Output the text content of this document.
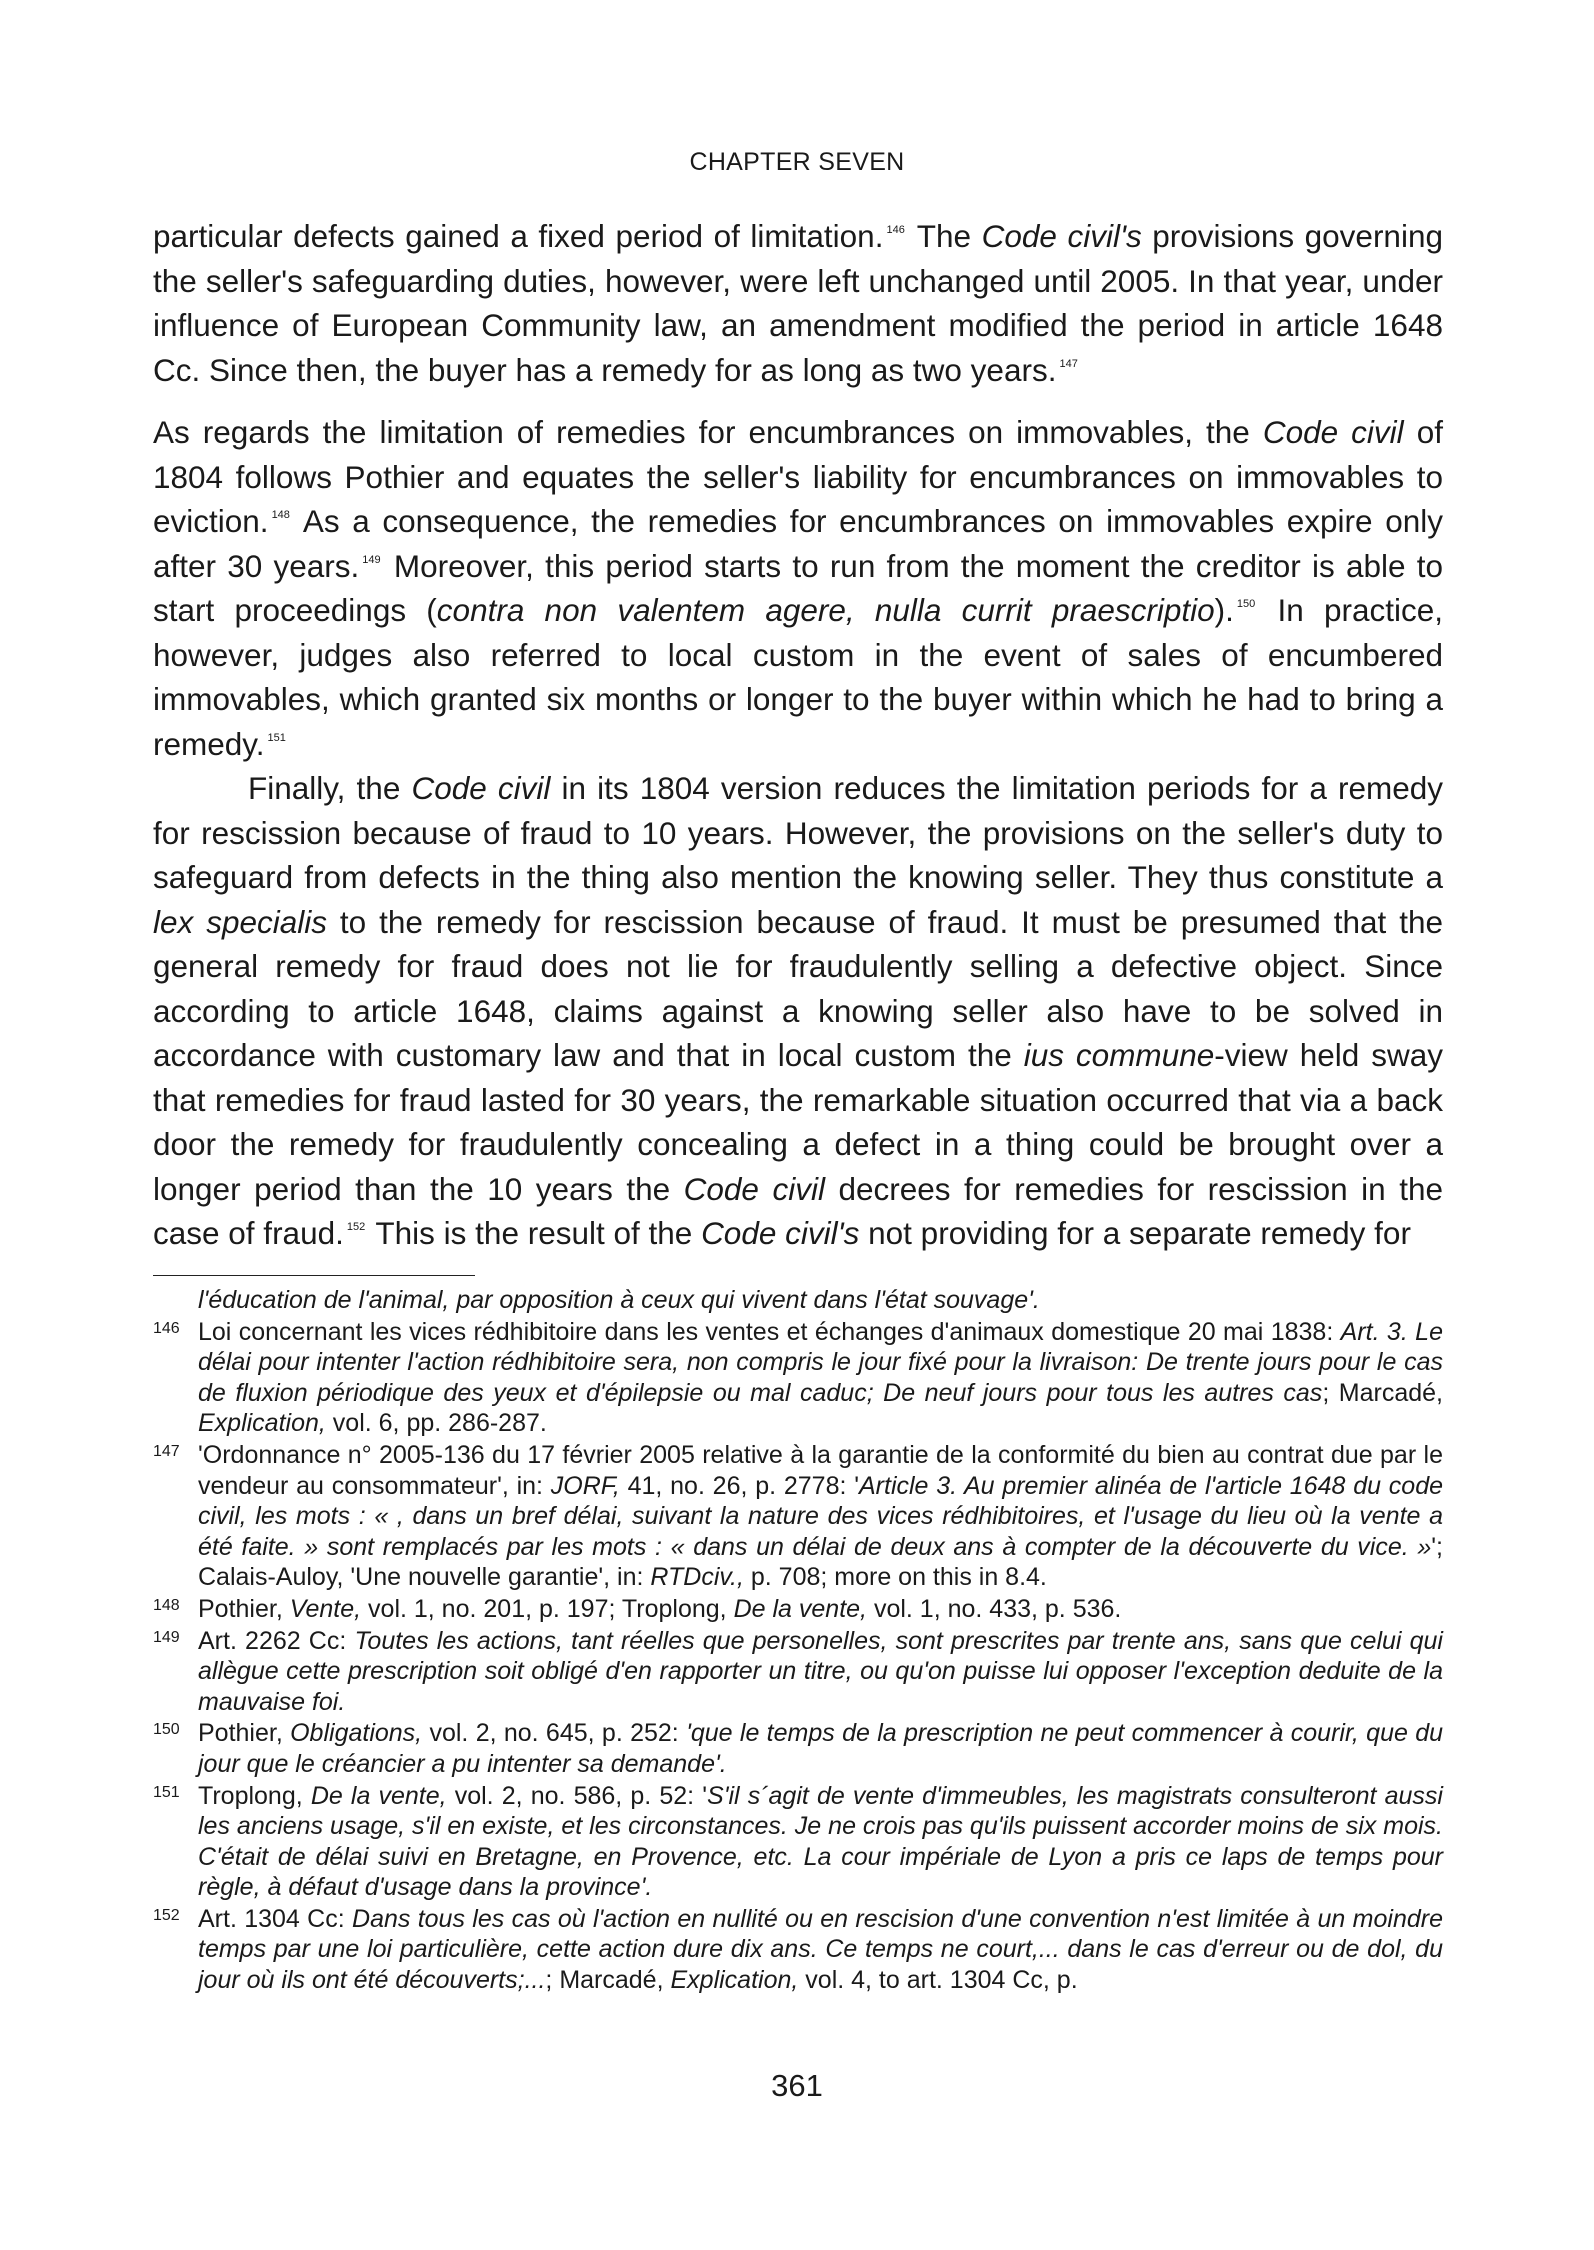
CHAPTER SEVEN

particular defects gained a fixed period of limitation. $^{146}$ The Code civil's provisions governing the seller's safeguarding duties, however, were left unchanged until 2005. In that year, under influence of European Community law, an amendment modified the period in article 1648 Cc. Since then, the buyer has a remedy for as long as two years. $^{147}$

As regards the limitation of remedies for encumbrances on immovables, the Code civil of 1804 follows Pothier and equates the seller's liability for encumbrances on immovables to eviction. $^{148}$ As a consequence, the remedies for encumbrances on immovables expire only after 30 years. $^{149}$ Moreover, this period starts to run from the moment the creditor is able to start proceedings (contra non valentem agere, nulla currit praescriptio). $^{150}$ In practice, however, judges also referred to local custom in the event of sales of encumbered immovables, which granted six months or longer to the buyer within which he had to bring a remedy. $^{151}$

Finally, the Code civil in its 1804 version reduces the limitation periods for a remedy for rescission because of fraud to 10 years. However, the provisions on the seller's duty to safeguard from defects in the thing also mention the knowing seller. They thus constitute a lex specialis to the remedy for rescission because of fraud. It must be presumed that the general remedy for fraud does not lie for fraudulently selling a defective object. Since according to article 1648, claims against a knowing seller also have to be solved in accordance with customary law and that in local custom the ius commune-view held sway that remedies for fraud lasted for 30 years, the remarkable situation occurred that via a back door the remedy for fraudulently concealing a defect in a thing could be brought over a longer period than the 10 years the Code civil decrees for remedies for rescission in the case of fraud. $^{152}$ This is the result of the Code civil's not providing for a separate remedy for

l'éducation de l'animal, par opposition à ceux qui vivent dans l'état souvage'.
146 Loi concernant les vices rédhibitoire dans les ventes et échanges d'animaux domestique 20 mai 1838: Art. 3. Le délai pour intenter l'action rédhibitoire sera, non compris le jour fixé pour la livraison: De trente jours pour le cas de fluxion périodique des yeux et d'épilepsie ou mal caduc; De neuf jours pour tous les autres cas; Marcadé, Explication, vol. 6, pp. 286-287.
147 'Ordonnance n° 2005-136 du 17 février 2005 relative à la garantie de la conformité du bien au contrat due par le vendeur au consommateur', in: JORF, 41, no. 26, p. 2778: 'Article 3. Au premier alinéa de l'article 1648 du code civil, les mots : « , dans un bref délai, suivant la nature des vices rédhibitoires, et l'usage du lieu où la vente a été faite. » sont remplacés par les mots : « dans un délai de deux ans à compter de la découverte du vice. »'; Calais-Auloy, 'Une nouvelle garantie', in: RTDciv., p. 708; more on this in 8.4.
148 Pothier, Vente, vol. 1, no. 201, p. 197; Troplong, De la vente, vol. 1, no. 433, p. 536.
149 Art. 2262 Cc: Toutes les actions, tant réelles que personelles, sont prescrites par trente ans, sans que celui qui allègue cette prescription soit obligé d'en rapporter un titre, ou qu'on puisse lui opposer l'exception deduite de la mauvaise foi.
150 Pothier, Obligations, vol. 2, no. 645, p. 252: 'que le temps de la prescription ne peut commencer à courir, que du jour que le créancier a pu intenter sa demande'.
151 Troplong, De la vente, vol. 2, no. 586, p. 52: 'S'il s´agit de vente d'immeubles, les magistrats consulteront aussi les anciens usage, s'il en existe, et les circonstances. Je ne crois pas qu'ils puissent accorder moins de six mois. C'était de délai suivi en Bretagne, en Provence, etc. La cour impériale de Lyon a pris ce laps de temps pour règle, à défaut d'usage dans la province'.
152 Art. 1304 Cc: Dans tous les cas où l'action en nullité ou en rescision d'une convention n'est limitée à un moindre temps par une loi particulière, cette action dure dix ans. Ce temps ne court,... dans le cas d'erreur ou de dol, du jour où ils ont été découverts;...; Marcadé, Explication, vol. 4, to art. 1304 Cc, p.
361
